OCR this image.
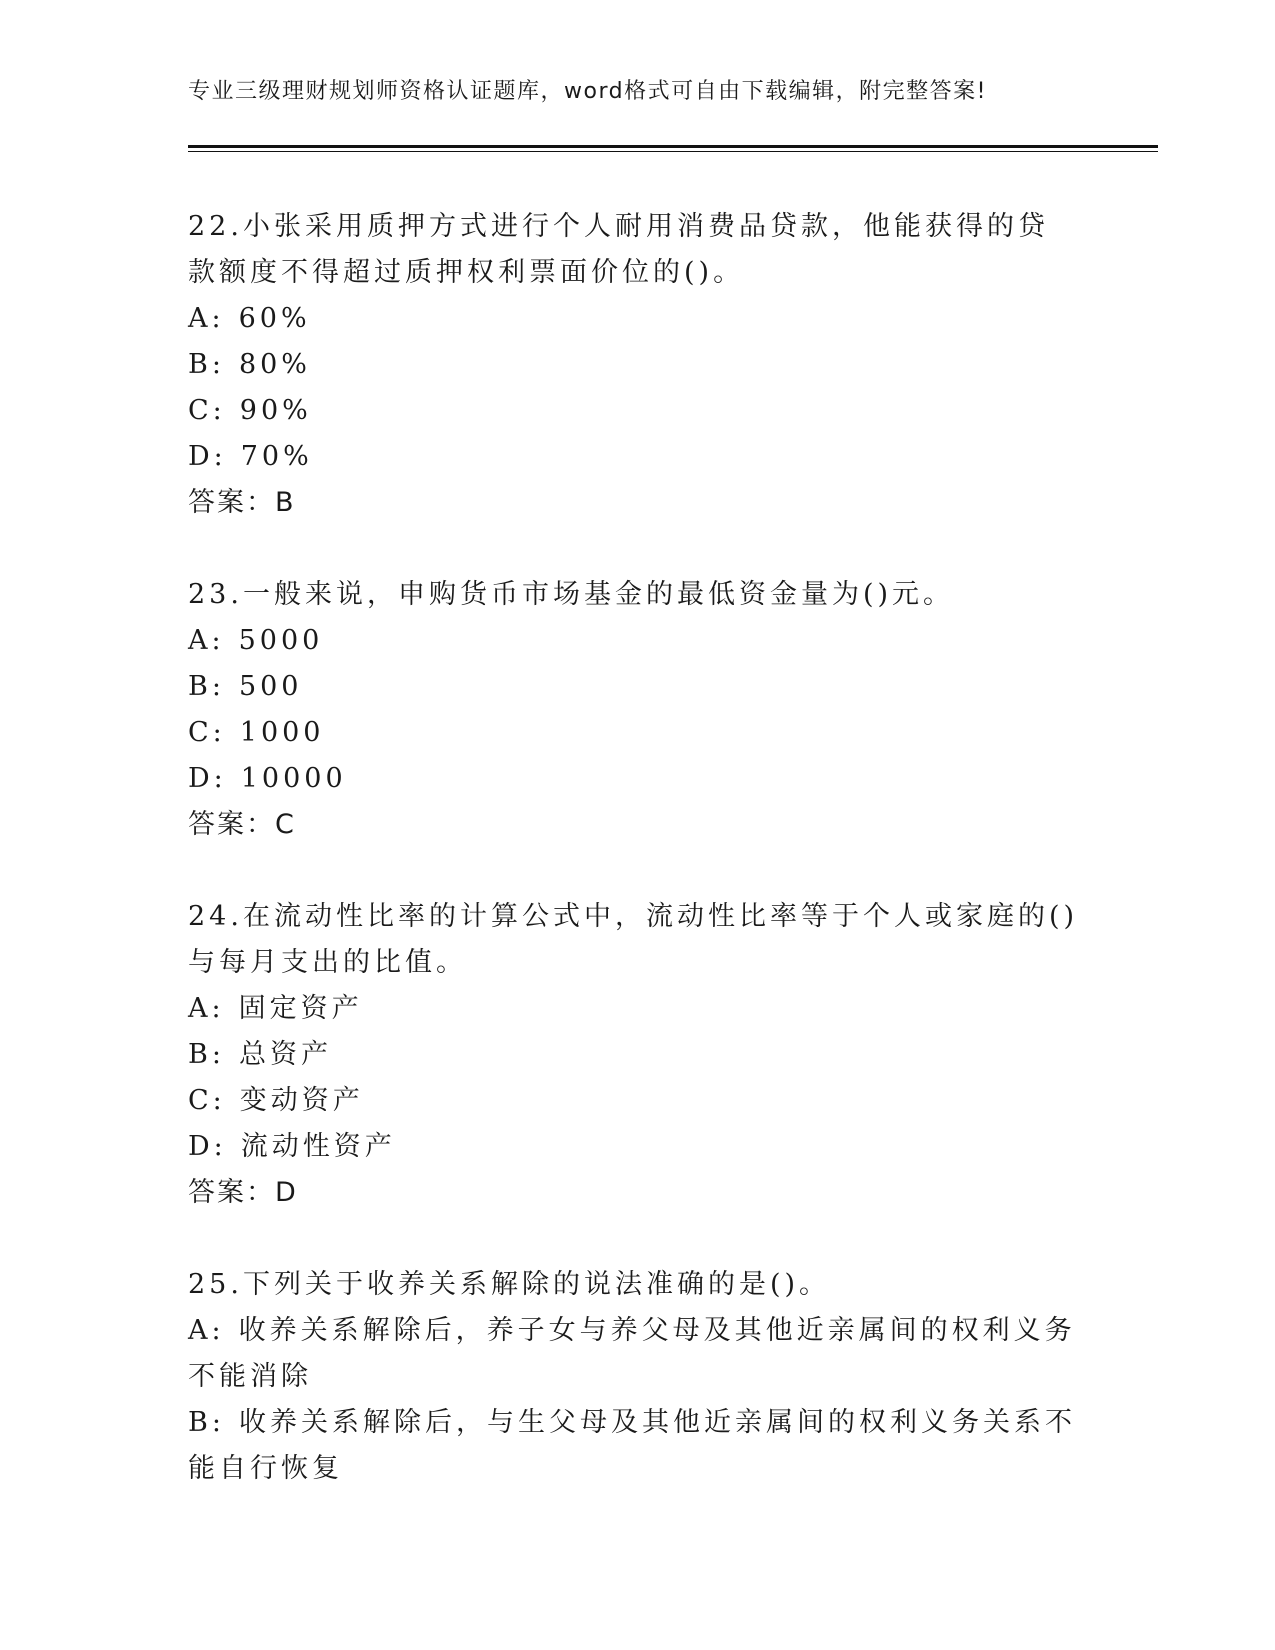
专业三级理财规划师资格认证题库，word格式可自由下载编辑，附完整答案!
22.小张采用质押方式进行个人耐用消费品贷款，他能获得的贷款额度不得超过质押权利票面价位的()。
A: 60%
B: 80%
C: 90%
D: 70%
答案：B
23.一般来说，申购货币市场基金的最低资金量为()元。
A: 5000
B: 500
C: 1000
D: 10000
答案：C
24.在流动性比率的计算公式中，流动性比率等于个人或家庭的()与每月支出的比值。
A: 固定资产
B: 总资产
C: 变动资产
D: 流动性资产
答案：D
25.下列关于收养关系解除的说法准确的是()。
A: 收养关系解除后，养子女与养父母及其他近亲属间的权利义务不能消除
B: 收养关系解除后，与生父母及其他近亲属间的权利义务关系不能自行恢复
